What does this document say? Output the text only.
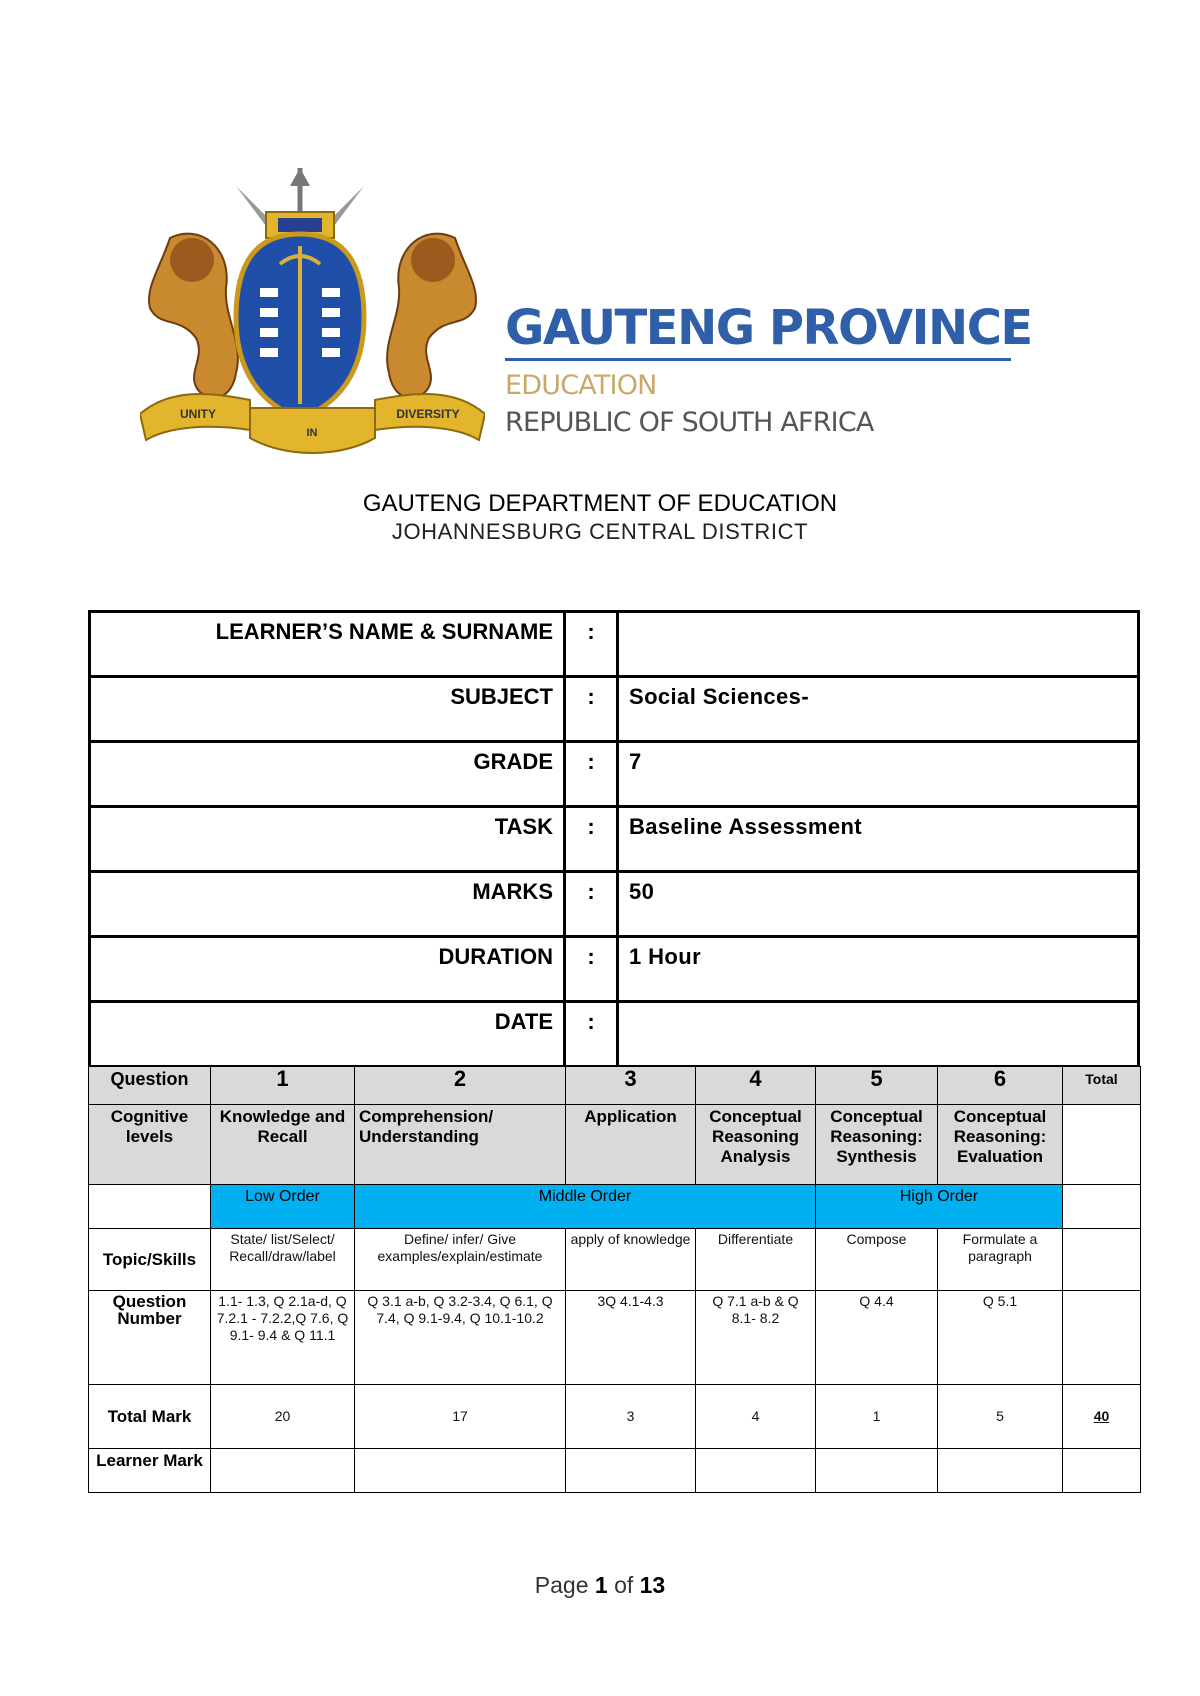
UNITY
IN
DIVERSITY
GAUTENG PROVINCE
EDUCATION
REPUBLIC OF SOUTH AFRICA
GAUTENG DEPARTMENT OF EDUCATION
JOHANNESBURG CENTRAL DISTRICT
LEARNER’S NAME & SURNAME	:	
SUBJECT	:	Social Sciences-
GRADE	:	7
TASK	:	Baseline Assessment
MARKS	:	50
DURATION	:	1 Hour
DATE	:	
Question	1	2	3	4	5	6	Total
Cognitive levels	Knowledge and Recall	Comprehension/ Understanding	Application	Conceptual Reasoning Analysis	Conceptual Reasoning: Synthesis	Conceptual Reasoning: Evaluation	
	Low Order	Middle Order			High Order		
Topic/Skills	State/ list/Select/ Recall/draw/label	Define/ infer/ Give examples/explain/estimate	apply of knowledge	Differentiate	Compose	Formulate a paragraph	
Question Number	1.1- 1.3, Q 2.1a-d, Q 7.2.1 - 7.2.2,Q 7.6, Q 9.1- 9.4 & Q 11.1	Q 3.1 a-b, Q 3.2-3.4, Q 6.1, Q 7.4, Q 9.1-9.4, Q 10.1-10.2	3Q 4.1-4.3	Q 7.1 a-b & Q 8.1- 8.2	Q 4.4	Q 5.1	
Total Mark	20	17	3	4	1	5	40
Learner Mark							
Page 1 of 13
